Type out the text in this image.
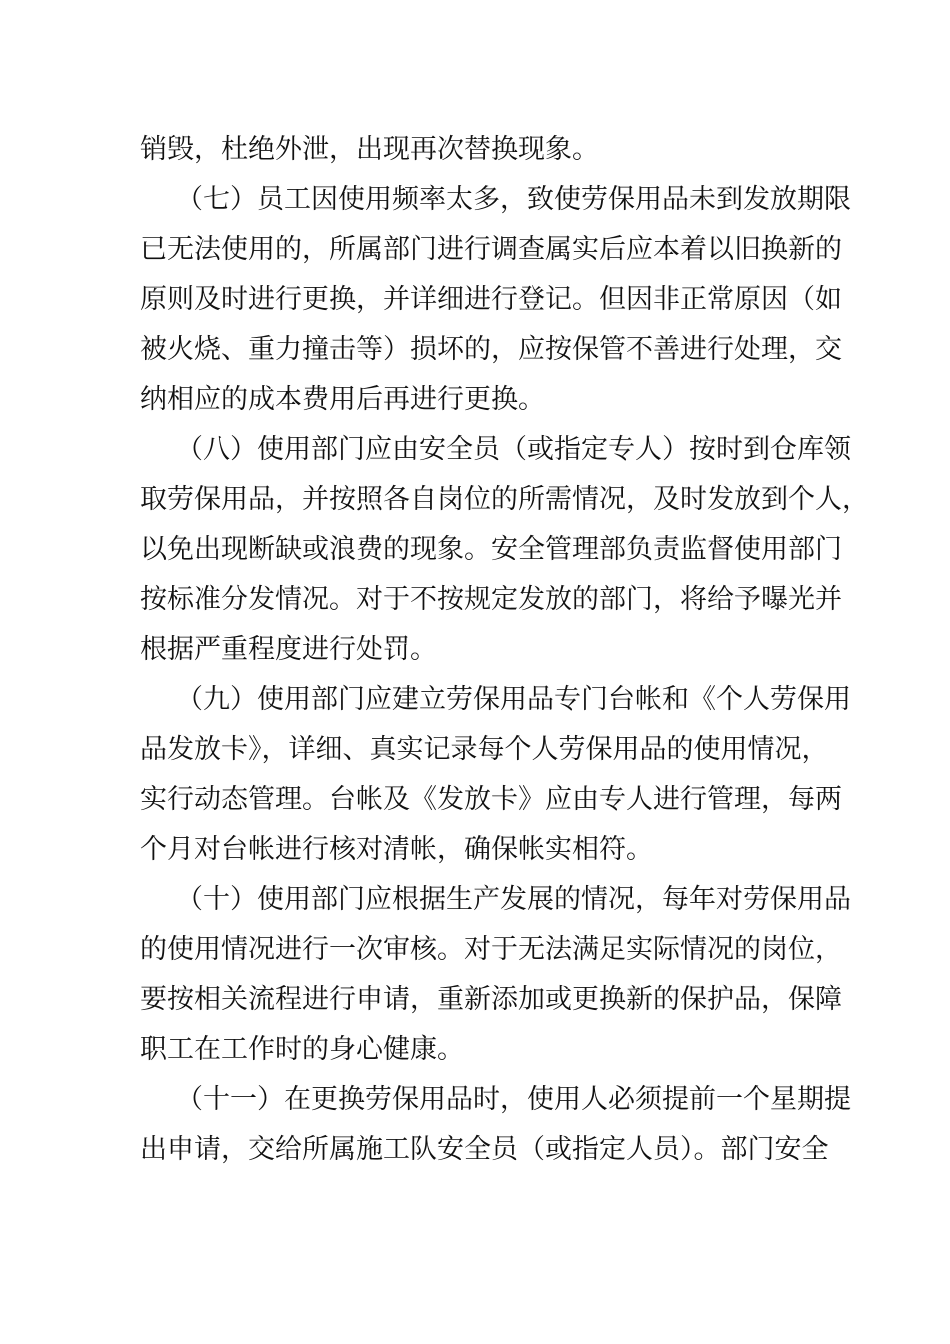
销毁，杜绝外泄，出现再次替换现象。
（七）员工因使用频率太多，致使劳保用品未到发放期限
已无法使用的，所属部门进行调查属实后应本着以旧换新的
原则及时进行更换，并详细进行登记。但因非正常原因（如
被火烧、重力撞击等）损坏的，应按保管不善进行处理，交
纳相应的成本费用后再进行更换。
（八）使用部门应由安全员（或指定专人）按时到仓库领
取劳保用品，并按照各自岗位的所需情况，及时发放到个人，
以免出现断缺或浪费的现象。安全管理部负责监督使用部门
按标准分发情况。对于不按规定发放的部门，将给予曝光并
根据严重程度进行处罚。
（九）使用部门应建立劳保用品专门台帐和《个人劳保用
品发放卡》，详细、真实记录每个人劳保用品的使用情况，
实行动态管理。台帐及《发放卡》应由专人进行管理，每两
个月对台帐进行核对清帐，确保帐实相符。
（十）使用部门应根据生产发展的情况，每年对劳保用品
的使用情况进行一次审核。对于无法满足实际情况的岗位，
要按相关流程进行申请，重新添加或更换新的保护品，保障
职工在工作时的身心健康。
（十一）在更换劳保用品时，使用人必须提前一个星期提
出申请，交给所属施工队安全员（或指定人员）。部门安全
